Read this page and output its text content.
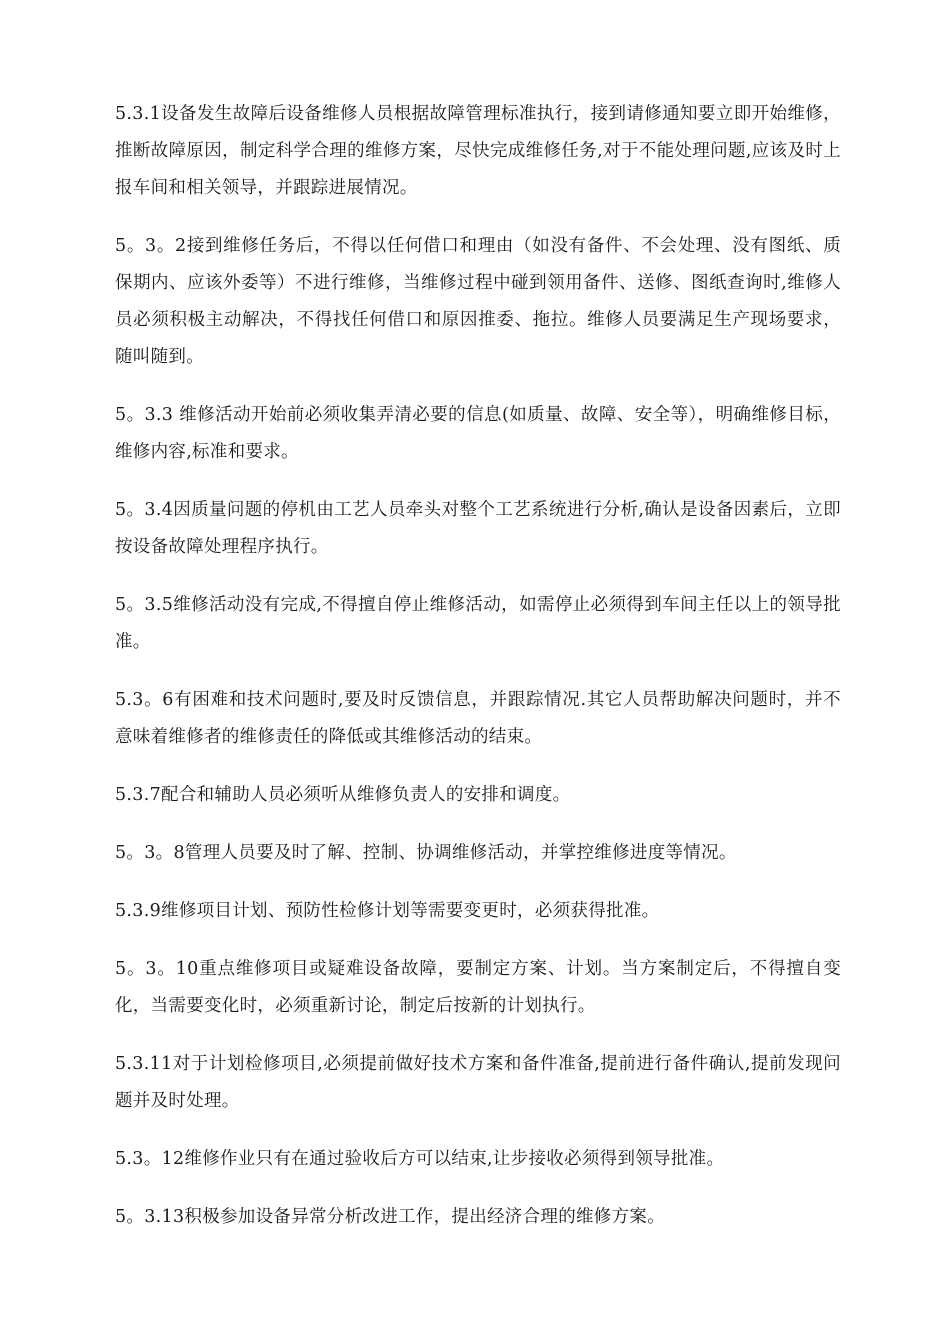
5.3.1设备发生故障后设备维修人员根据故障管理标准执行，接到请修通知要立即开始维修，推断故障原因，制定科学合理的维修方案，尽快完成维修任务,对于不能处理问题,应该及时上报车间和相关领导，并跟踪进展情况。

5。3。2接到维修任务后，不得以任何借口和理由（如没有备件、不会处理、没有图纸、质保期内、应该外委等）不进行维修，当维修过程中碰到领用备件、送修、图纸查询时,维修人员必须积极主动解决，不得找任何借口和原因推委、拖拉。维修人员要满足生产现场要求，随叫随到。

5。3.3 维修活动开始前必须收集弄清必要的信息(如质量、故障、安全等），明确维修目标，维修内容,标准和要求。

5。3.4因质量问题的停机由工艺人员牵头对整个工艺系统进行分析,确认是设备因素后，立即按设备故障处理程序执行。

5。3.5维修活动没有完成,不得擅自停止维修活动，如需停止必须得到车间主任以上的领导批准。

5.3。6有困难和技术问题时,要及时反馈信息，并跟踪情况.其它人员帮助解决问题时，并不意味着维修者的维修责任的降低或其维修活动的结束。

5.3.7配合和辅助人员必须听从维修负责人的安排和调度。

5。3。8管理人员要及时了解、控制、协调维修活动，并掌控维修进度等情况。

5.3.9维修项目计划、预防性检修计划等需要变更时，必须获得批准。

5。3。10重点维修项目或疑难设备故障，要制定方案、计划。当方案制定后，不得擅自变化，当需要变化时，必须重新讨论，制定后按新的计划执行。

5.3.11对于计划检修项目,必须提前做好技术方案和备件准备,提前进行备件确认,提前发现问题并及时处理。

5.3。12维修作业只有在通过验收后方可以结束,让步接收必须得到领导批准。

5。3.13积极参加设备异常分析改进工作，提出经济合理的维修方案。
